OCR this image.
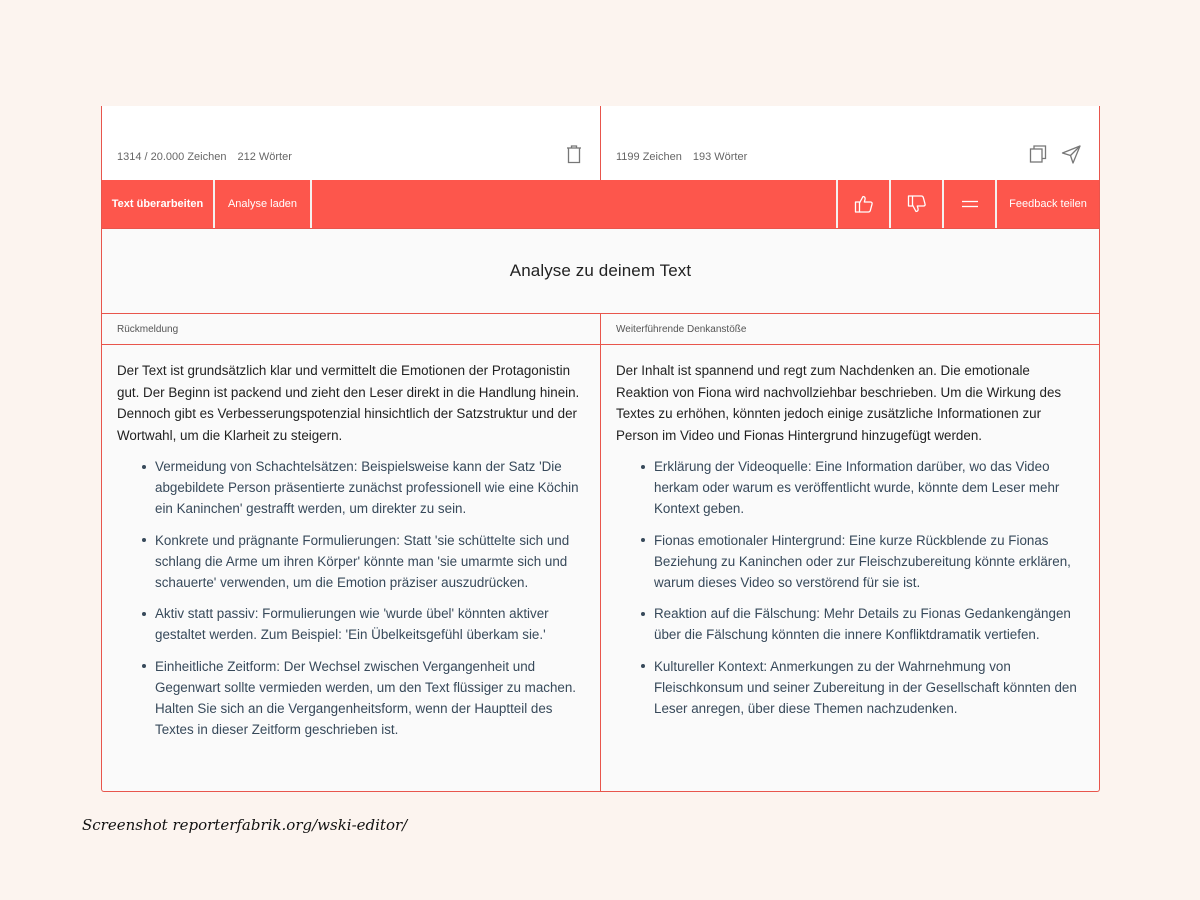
1314 / 20.000 Zeichen 212 Wörter	1199 Zeichen 193 Wörter
Text überarbeiten	Analyse laden	Feedback teilen
Analyse zu deinem Text
Rückmeldung	Weiterführende Denkanstöße

Der Text ist grundsätzlich klar und vermittelt die Emotionen der Protagonistin gut. Der Beginn ist packend und zieht den Leser direkt in die Handlung hinein. Dennoch gibt es Verbesserungspotenzial hinsichtlich der Satzstruktur und der Wortwahl, um die Klarheit zu steigern.

Vermeidung von Schachtelsätzen: Beispielsweise kann der Satz 'Die abgebildete Person präsentierte zunächst professionell wie eine Köchin ein Kaninchen' gestrafft werden, um direkter zu sein.
Konkrete und prägnante Formulierungen: Statt 'sie schüttelte sich und schlang die Arme um ihren Körper' könnte man 'sie umarmte sich und schauerte' verwenden, um die Emotion präziser auszudrücken.
Aktiv statt passiv: Formulierungen wie 'wurde übel' könnten aktiver gestaltet werden. Zum Beispiel: 'Ein Übelkeitsgefühl überkam sie.'
Einheitliche Zeitform: Der Wechsel zwischen Vergangenheit und Gegenwart sollte vermieden werden, um den Text flüssiger zu machen. Halten Sie sich an die Vergangenheitsform, wenn der Hauptteil des Textes in dieser Zeitform geschrieben ist.

Der Inhalt ist spannend und regt zum Nachdenken an. Die emotionale Reaktion von Fiona wird nachvollziehbar beschrieben. Um die Wirkung des Textes zu erhöhen, könnten jedoch einige zusätzliche Informationen zur Person im Video und Fionas Hintergrund hinzugefügt werden.

Erklärung der Videoquelle: Eine Information darüber, wo das Video herkam oder warum es veröffentlicht wurde, könnte dem Leser mehr Kontext geben.
Fionas emotionaler Hintergrund: Eine kurze Rückblende zu Fionas Beziehung zu Kaninchen oder zur Fleischzubereitung könnte erklären, warum dieses Video so verstörend für sie ist.
Reaktion auf die Fälschung: Mehr Details zu Fionas Gedankengängen über die Fälschung könnten die innere Konfliktdramatik vertiefen.
Kultureller Kontext: Anmerkungen zu der Wahrnehmung von Fleischkonsum und seiner Zubereitung in der Gesellschaft könnten den Leser anregen, über diese Themen nachzudenken.
Screenshot reporterfabrik.org/wski-editor/
